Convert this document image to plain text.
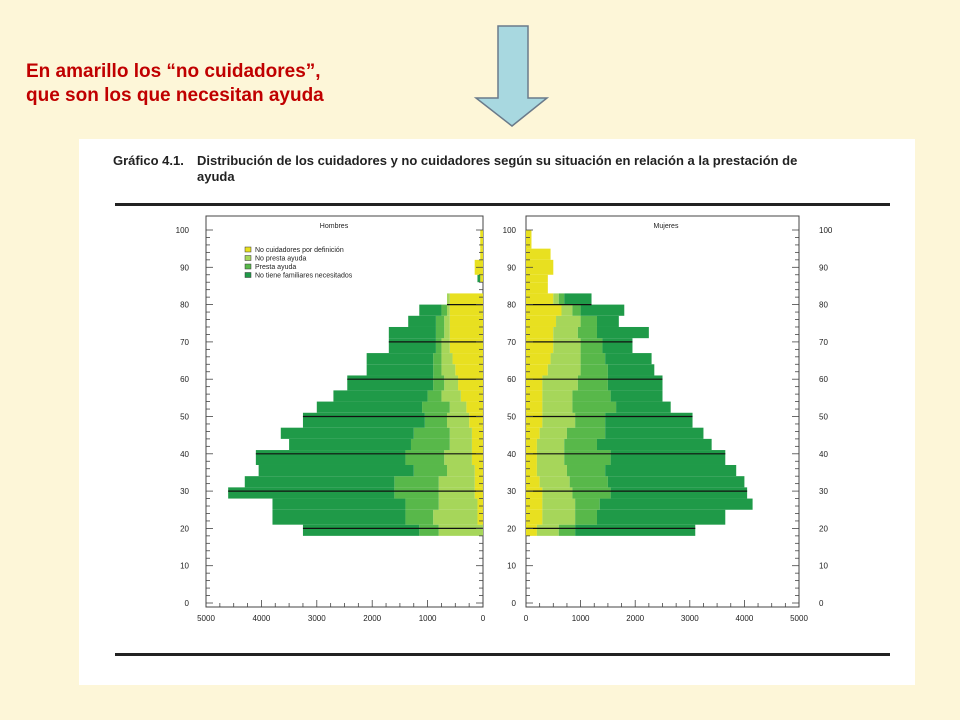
En amarillo los “no cuidadores”,
que son los que necesitan ayuda
Gráfico 4.1. Distribución de los cuidadores y no cuidadores según su situación en relación a la prestación de
ayuda
0	0	0
10	10	10
20	20	20
30	30	30
40	40	40
50	50	50
60	60	60
70	70	70
80	80	80
90	90	90
100	100	100
0	0
1000	1000
2000	2000
3000	3000
4000	4000
5000	5000
Hombres	Mujeres
No cuidadores por definición
No presta ayuda
Presta ayuda
No tiene familiares necesitados
